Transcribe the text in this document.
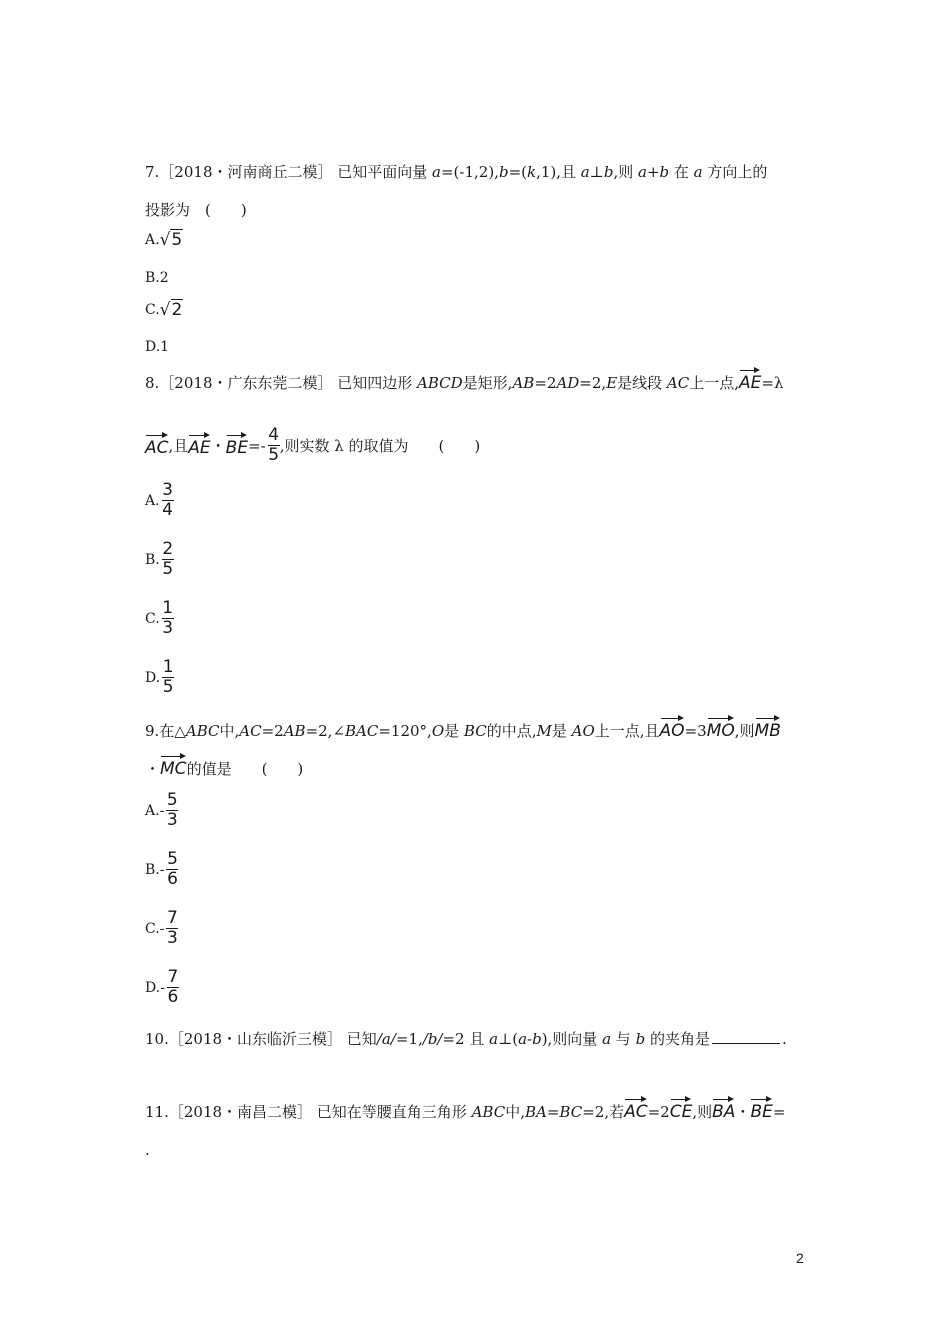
7.［2018・河南商丘二模］ 已知平面向量 a=(-1,2),b=(k,1),且 a⊥b,则 a+b 在 a 方向上的
投影为　(　　)
A. √5
B.2
C. √2
D.1
8.［2018・广东东莞二模］ 已知四边形 ABCD是矩形,AB=2AD=2,E是线段 AC上一点,AE=λ
AC ,且 AE ・ BE =- $\frac{4}{5}$ ,则实数 λ 的取值为　　(　　)
A. $\frac{3}{4}$
B. $\frac{2}{5}$
C. $\frac{1}{3}$
D. $\frac{1}{5}$
9.在△ABC中,AC=2AB=2,∠BAC=120°,O是 BC的中点,M是 AO上一点,且AO=3MO,则MB
・MC的值是　　(　　)
A. - $\frac{5}{3}$
B. - $\frac{5}{6}$
C. - $\frac{7}{3}$
D. - $\frac{7}{6}$
10.［2018・山东临沂三模］ 已知/a/=1,/b/=2 且 a⊥(a-b),则向量 a 与 b 的夹角是	.
11.［2018・南昌二模］ 已知在等腰直角三角形 ABC中,BA=BC=2,若AC=2CE,则BA・BE=
.
2
